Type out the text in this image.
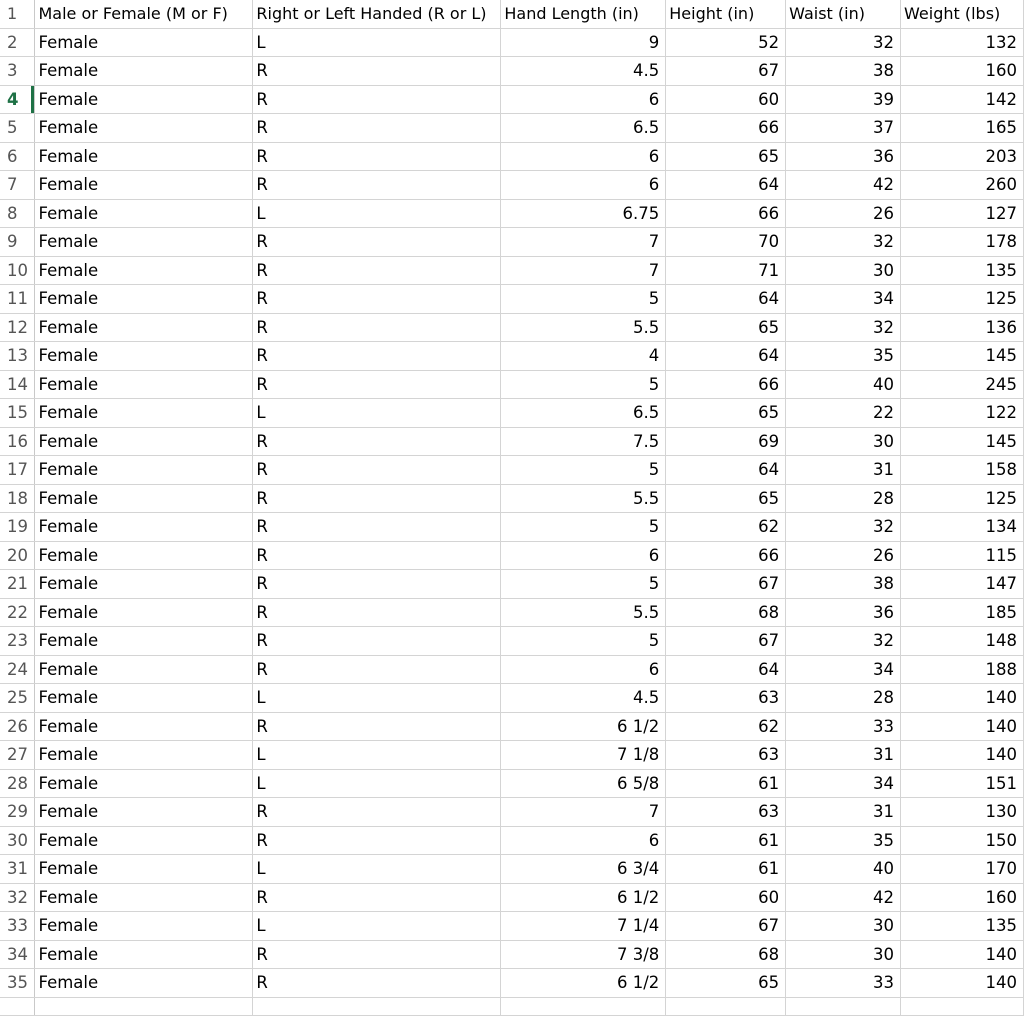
1	Male or Female (M or F)	Right or Left Handed (R or L)	Hand Length (in)	Height (in)	Waist (in)	Weight (lbs)
2	Female	L	9	52	32	132
3	Female	R	4.5	67	38	160
4	Female	R	6	60	39	142
5	Female	R	6.5	66	37	165
6	Female	R	6	65	36	203
7	Female	R	6	64	42	260
8	Female	L	6.75	66	26	127
9	Female	R	7	70	32	178
10	Female	R	7	71	30	135
11	Female	R	5	64	34	125
12	Female	R	5.5	65	32	136
13	Female	R	4	64	35	145
14	Female	R	5	66	40	245
15	Female	L	6.5	65	22	122
16	Female	R	7.5	69	30	145
17	Female	R	5	64	31	158
18	Female	R	5.5	65	28	125
19	Female	R	5	62	32	134
20	Female	R	6	66	26	115
21	Female	R	5	67	38	147
22	Female	R	5.5	68	36	185
23	Female	R	5	67	32	148
24	Female	R	6	64	34	188
25	Female	L	4.5	63	28	140
26	Female	R	6 1/2	62	33	140
27	Female	L	7 1/8	63	31	140
28	Female	L	6 5/8	61	34	151
29	Female	R	7	63	31	130
30	Female	R	6	61	35	150
31	Female	L	6 3/4	61	40	170
32	Female	R	6 1/2	60	42	160
33	Female	L	7 1/4	67	30	135
34	Female	R	7 3/8	68	30	140
35	Female	R	6 1/2	65	33	140
